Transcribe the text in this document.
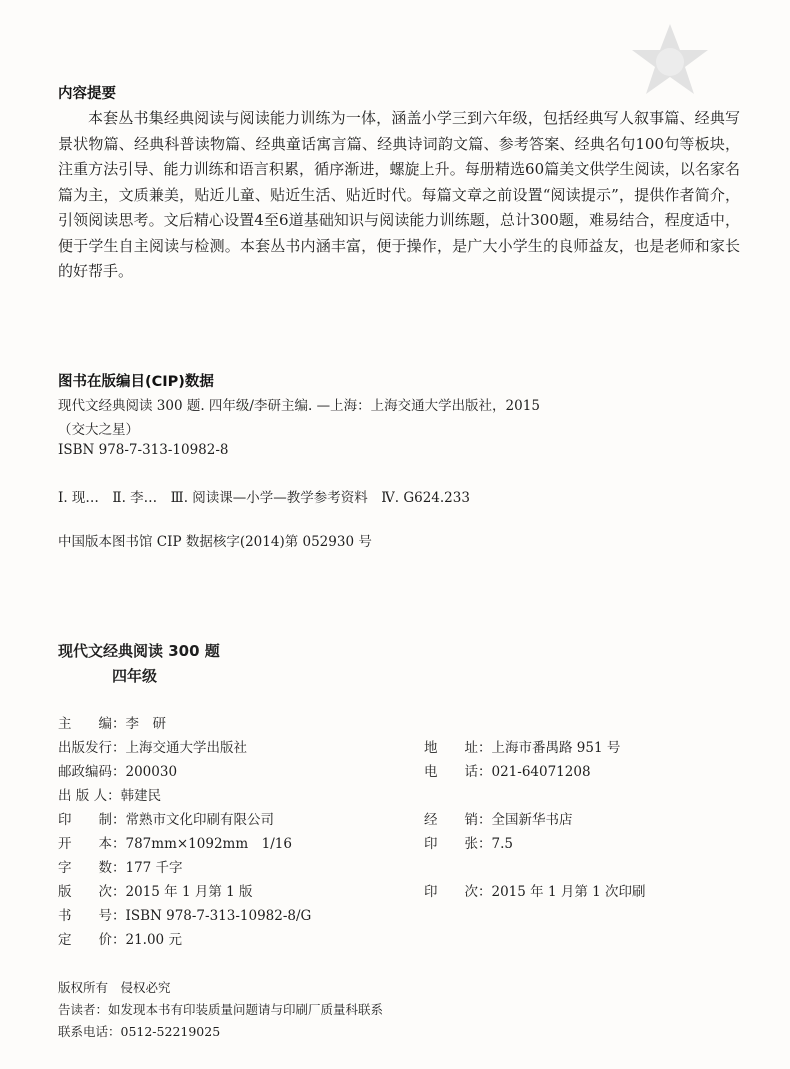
内容提要

本套丛书集经典阅读与阅读能力训练为一体，涵盖小学三到六年级，包括经典写人叙事篇、经典写景状物篇、经典科普读物篇、经典童话寓言篇、经典诗词韵文篇、参考答案、经典名句100句等板块，注重方法引导、能力训练和语言积累，循序渐进，螺旋上升。每册精选60篇美文供学生阅读，以名家名篇为主，文质兼美，贴近儿童、贴近生活、贴近时代。每篇文章之前设置“阅读提示”，提供作者简介，引领阅读思考。文后精心设置4至6道基础知识与阅读能力训练题，总计300题，难易结合，程度适中，便于学生自主阅读与检测。本套丛书内涵丰富，便于操作，是广大小学生的良师益友，也是老师和家长的好帮手。

图书在版编目(CIP)数据
现代文经典阅读 300 题. 四年级/李研主编. —上海：上海交通大学出版社，2015
（交大之星）
ISBN 978-7-313-10982-8
Ⅰ. 现…　Ⅱ. 李…　Ⅲ. 阅读课—小学—教学参考资料　Ⅳ. G624.233
中国版本图书馆 CIP 数据核字(2014)第 052930 号
现代文经典阅读 300 题
四年级
主　　编：李　研
出版发行：上海交通大学出版社
邮政编码：200030
出 版 人：韩建民
印　　制：常熟市文化印刷有限公司
开　　本：787mm×1092mm　1/16
字　　数：177 千字
版　　次：2015 年 1 月第 1 版
书　　号：ISBN 978-7-313-10982-8/G
定　　价：21.00 元
地　　址：上海市番禺路 951 号
电　　话：021-64071208
经　　销：全国新华书店
印　　张：7.5
印　　次：2015 年 1 月第 1 次印刷
版权所有　侵权必究
告读者：如发现本书有印装质量问题请与印刷厂质量科联系
联系电话：0512-52219025
